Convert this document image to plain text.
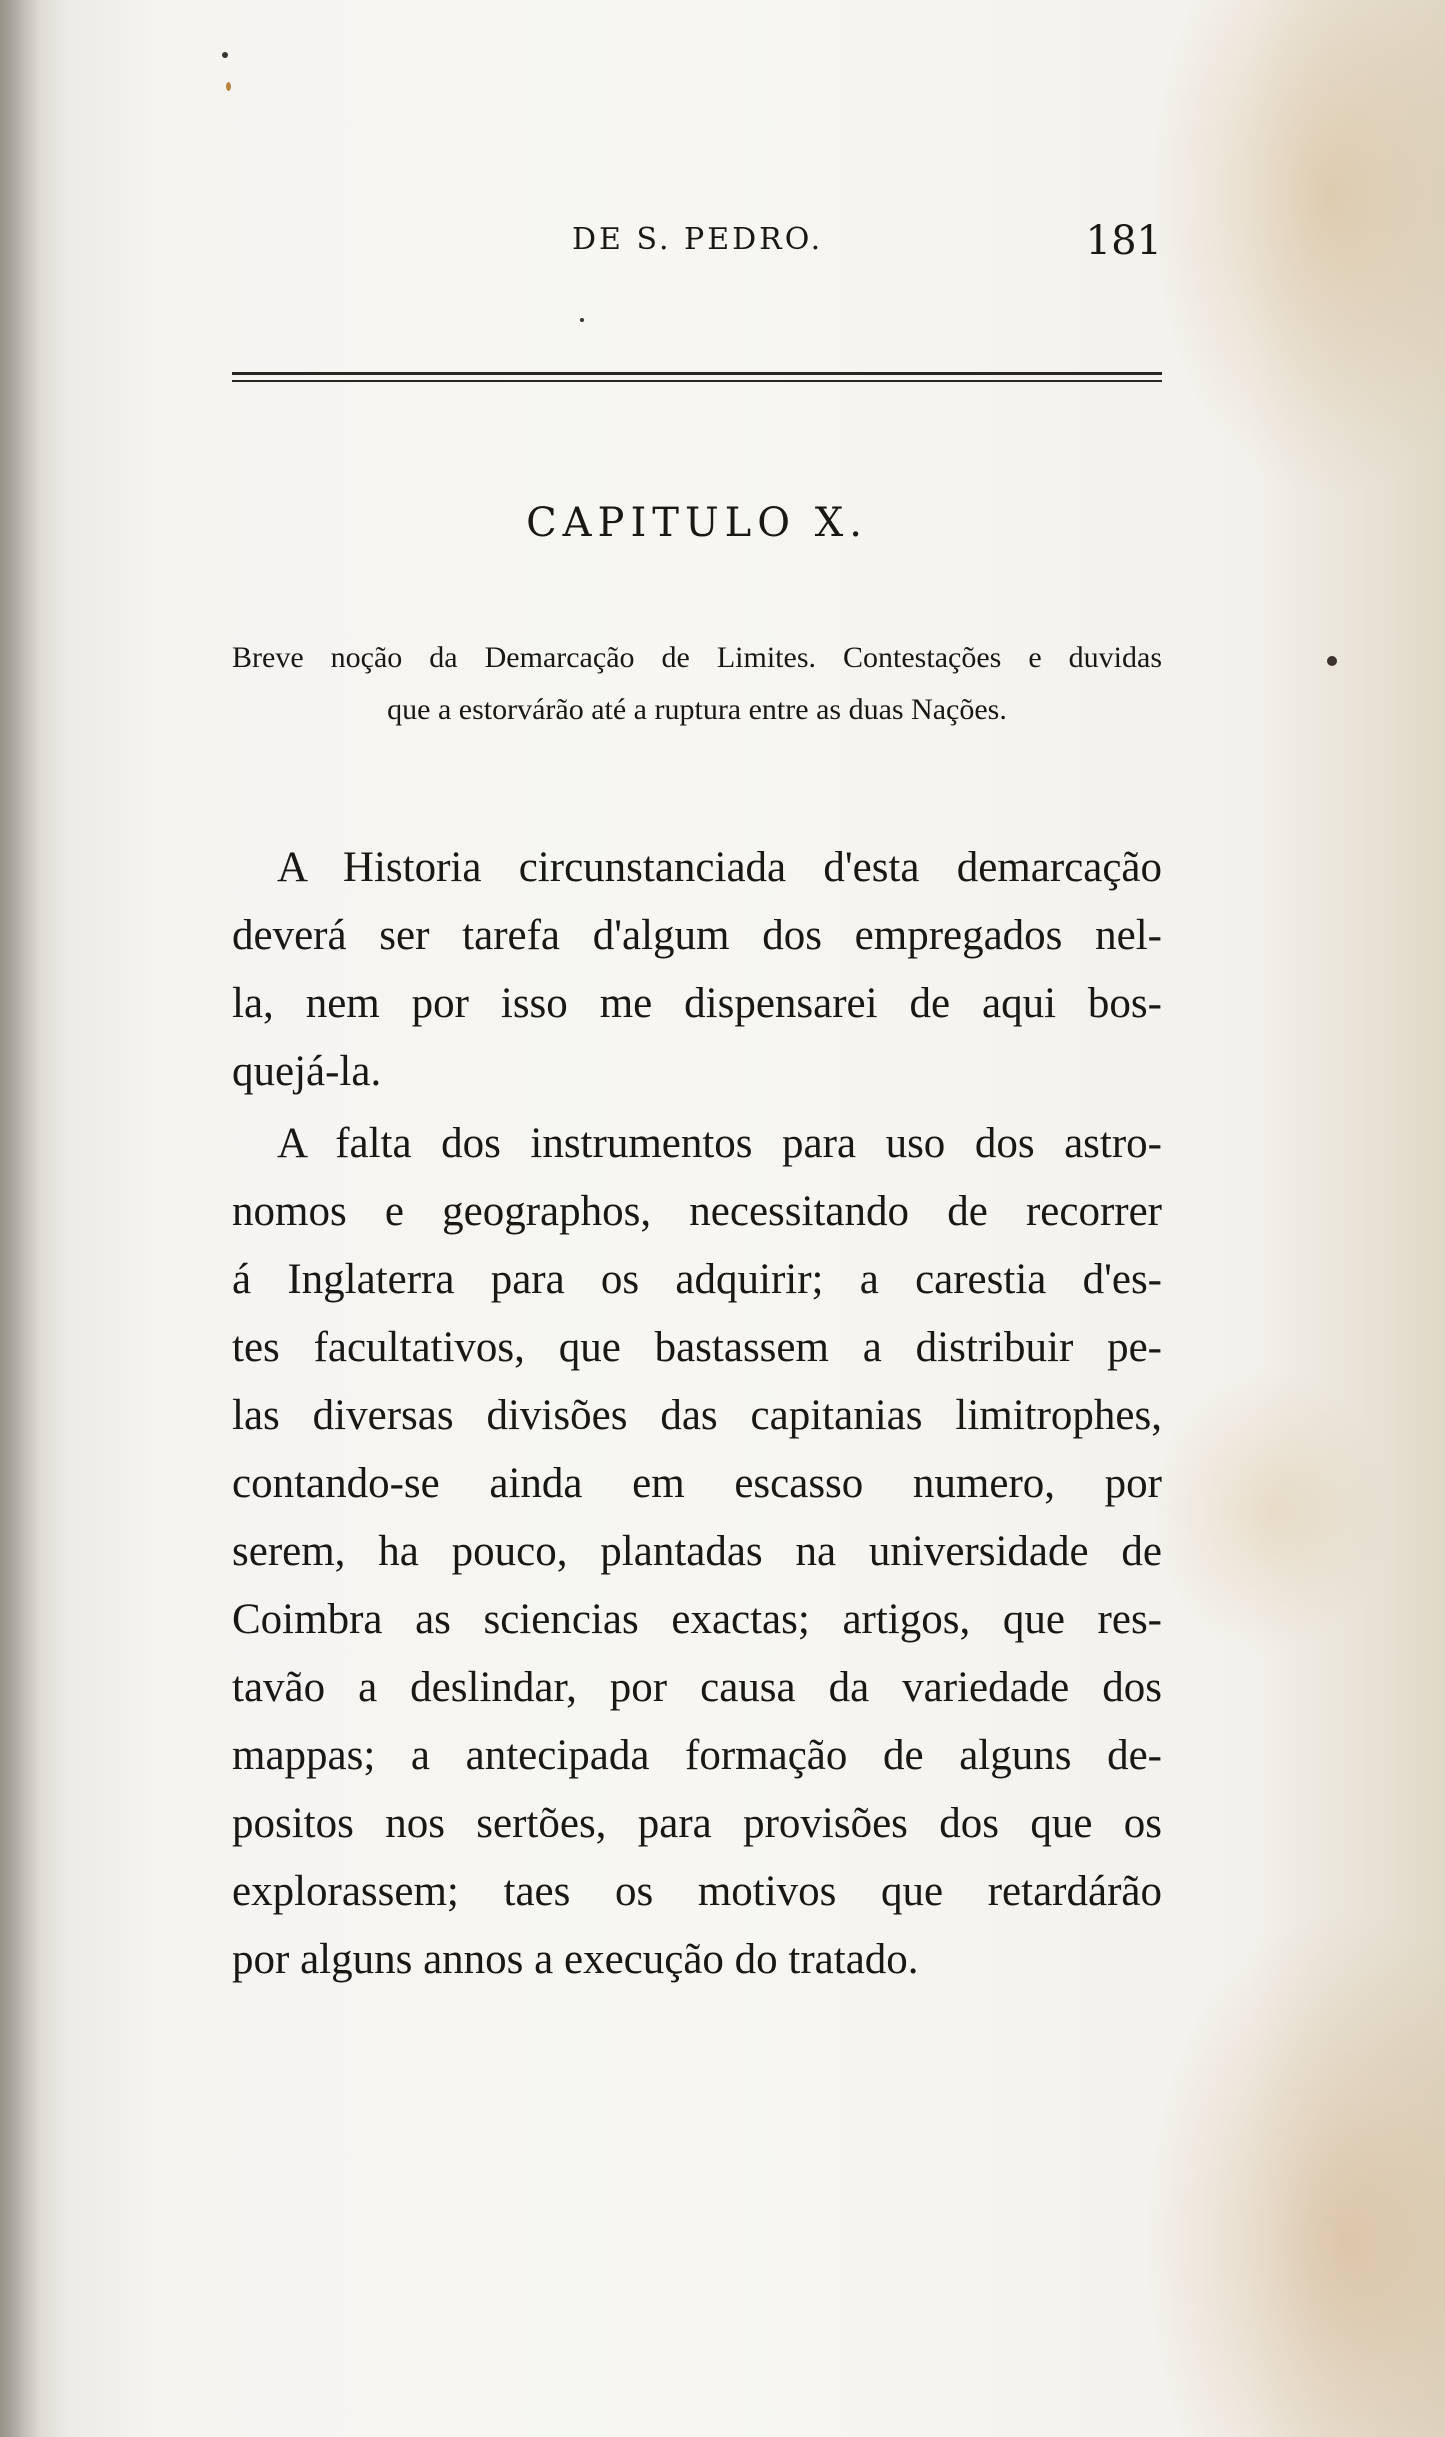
DE S. PEDRO.	181
CAPITULO X.
Breve noção da Demarcação de Limites. Contestações e duvidas
que a estorvárão até a ruptura entre as duas Nações.
A Historia circunstanciada d'esta demarcação
deverá ser tarefa d'algum dos empregados nel-
la, nem por isso me dispensarei de aqui bos-
quejá-la.
A falta dos instrumentos para uso dos astro-
nomos e geographos, necessitando de recorrer
á Inglaterra para os adquirir; a carestia d'es-
tes facultativos, que bastassem a distribuir pe-
las diversas divisões das capitanias limitrophes,
contando-se ainda em escasso numero, por
serem, ha pouco, plantadas na universidade de
Coimbra as sciencias exactas; artigos, que res-
tavão a deslindar, por causa da variedade dos
mappas; a antecipada formação de alguns de-
positos nos sertões, para provisões dos que os
explorassem; taes os motivos que retardárão
por alguns annos a execução do tratado.
